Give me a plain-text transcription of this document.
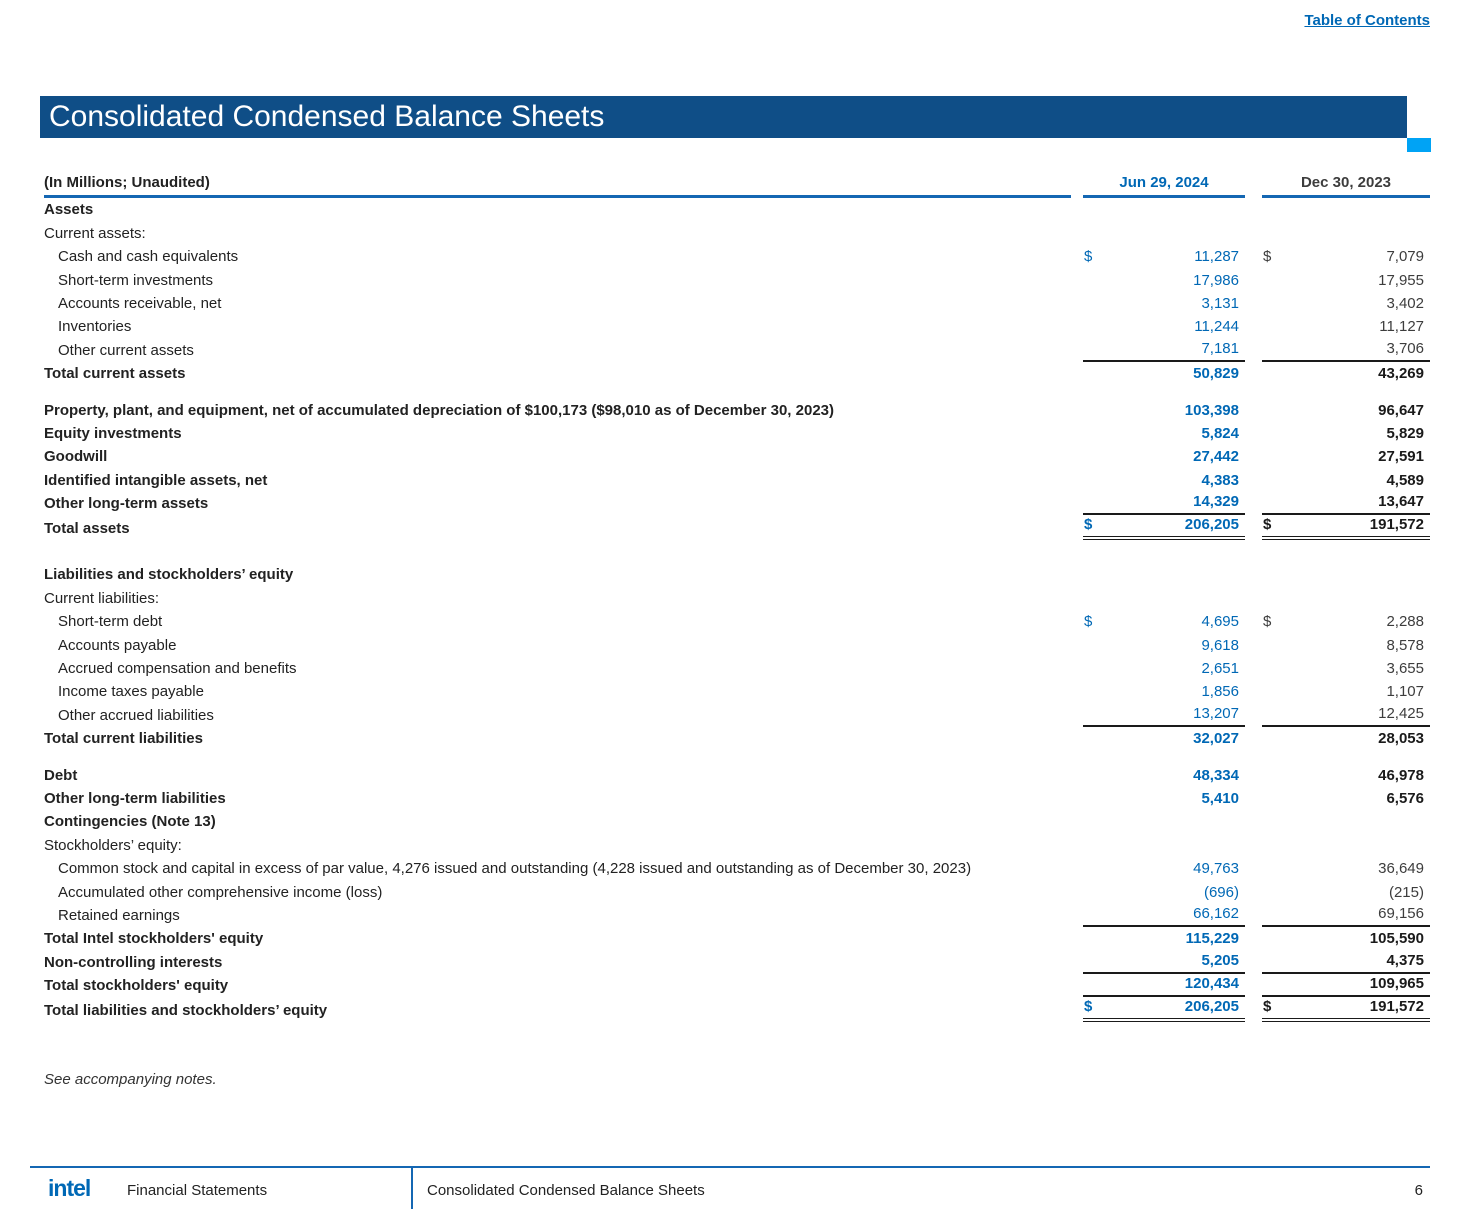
Table of Contents
Consolidated Condensed Balance Sheets
(In Millions; Unaudited)	Jun 29, 2024	Dec 30, 2023
Assets
Current assets:
Cash and cash equivalents	$	11,287	$	7,079
Short-term investments	17,986	17,955
Accounts receivable, net	3,131	3,402
Inventories	11,244	11,127
Other current assets	7,181	3,706
Total current assets	50,829	43,269
Property, plant, and equipment, net of accumulated depreciation of $100,173 ($98,010 as of December 30, 2023)	103,398	96,647
Equity investments	5,824	5,829
Goodwill	27,442	27,591
Identified intangible assets, net	4,383	4,589
Other long-term assets	14,329	13,647
Total assets	$	206,205	$	191,572
Liabilities and stockholders’ equity
Current liabilities:
Short-term debt	$	4,695	$	2,288
Accounts payable	9,618	8,578
Accrued compensation and benefits	2,651	3,655
Income taxes payable	1,856	1,107
Other accrued liabilities	13,207	12,425
Total current liabilities	32,027	28,053
Debt	48,334	46,978
Other long-term liabilities	5,410	6,576
Contingencies (Note 13)
Stockholders’ equity:
Common stock and capital in excess of par value, 4,276 issued and outstanding (4,228 issued and outstanding as of December 30, 2023)	49,763	36,649
Accumulated other comprehensive income (loss)	(696)	(215)
Retained earnings	66,162	69,156
Total Intel stockholders' equity	115,229	105,590
Non-controlling interests	5,205	4,375
Total stockholders' equity	120,434	109,965
Total liabilities and stockholders’ equity	$	206,205	$	191,572
See accompanying notes.
intel Financial Statements	Consolidated Condensed Balance Sheets	6
